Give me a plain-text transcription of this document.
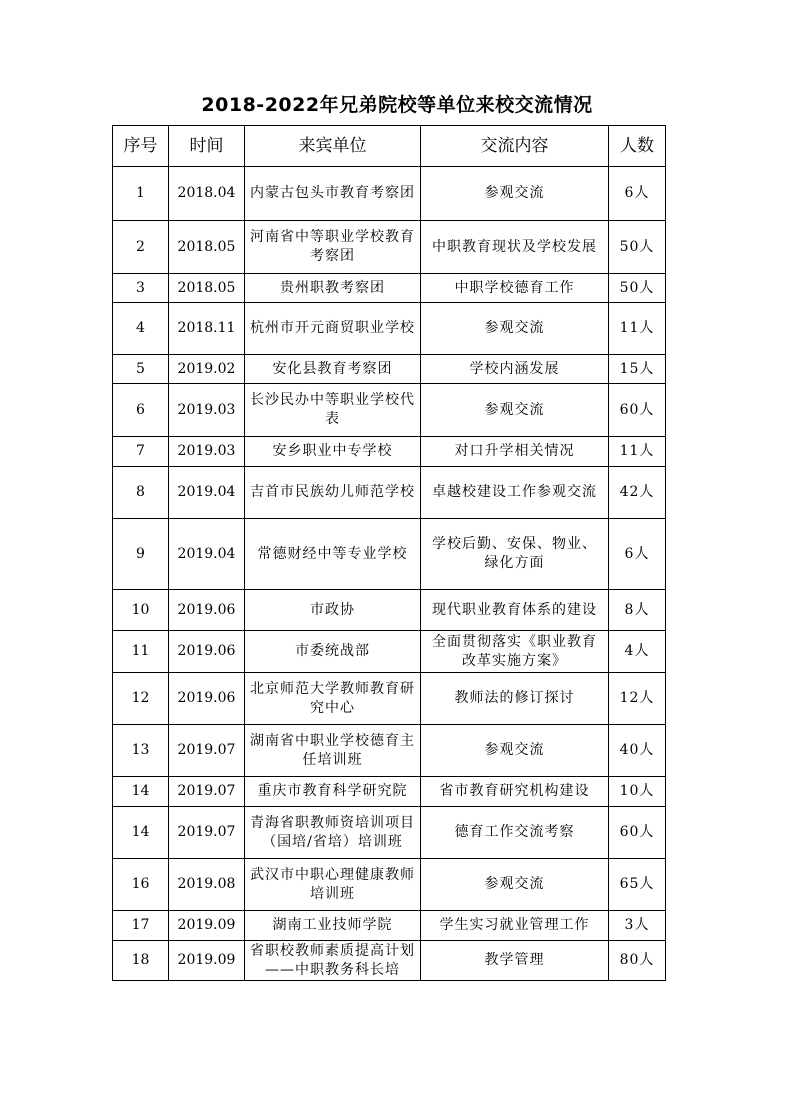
2018-2022年兄弟院校等单位来校交流情况
序号	时间	来宾单位	交流内容	人数
1	2018.04	内蒙古包头市教育考察团	参观交流	6人
2	2018.05	河南省中等职业学校教育考察团	中职教育现状及学校发展	50人
3	2018.05	贵州职教考察团	中职学校德育工作	50人
4	2018.11	杭州市开元商贸职业学校	参观交流	11人
5	2019.02	安化县教育考察团	学校内涵发展	15人
6	2019.03	长沙民办中等职业学校代表	参观交流	60人
7	2019.03	安乡职业中专学校	对口升学相关情况	11人
8	2019.04	吉首市民族幼儿师范学校	卓越校建设工作参观交流	42人
9	2019.04	常德财经中等专业学校	学校后勤、安保、物业、绿化方面	6人
10	2019.06	市政协	现代职业教育体系的建设	8人
11	2019.06	市委统战部	全面贯彻落实《职业教育改革实施方案》	4人
12	2019.06	北京师范大学教师教育研究中心	教师法的修订探讨	12人
13	2019.07	湖南省中职业学校德育主任培训班	参观交流	40人
14	2019.07	重庆市教育科学研究院	省市教育研究机构建设	10人
14	2019.07	青海省职教师资培训项目（国培/省培）培训班	德育工作交流考察	60人
16	2019.08	武汉市中职心理健康教师培训班	参观交流	65人
17	2019.09	湖南工业技师学院	学生实习就业管理工作	3人
18	2019.09	省职校教师素质提高计划——中职教务科长培	教学管理	80人
